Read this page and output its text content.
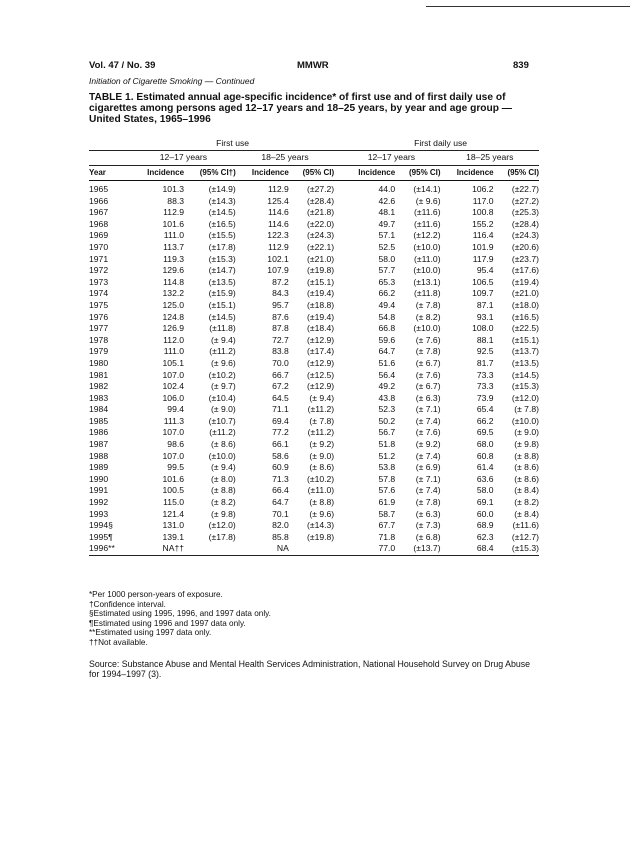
Vol. 47 / No. 39	MMWR	839
Initiation of Cigarette Smoking — Continued
TABLE 1. Estimated annual age-specific incidence* of first use and of first daily use of cigarettes among persons aged 12–17 years and 18–25 years, by year and age group — United States, 1965–1996
	First use					First daily use			
	12–17 years		18–25 years			12–17 years		18–25 years	
Year	Incidence	(95% CI†)	Incidence	(95% CI)		Incidence	(95% CI)	Incidence	(95% CI)
1965	101.3	(±14.9)	112.9	(±27.2)		44.0	(±14.1)	106.2	(±22.7)
1966	88.3	(±14.3)	125.4	(±28.4)		42.6	(± 9.6)	117.0	(±27.2)
1967	112.9	(±14.5)	114.6	(±21.8)		48.1	(±11.6)	100.8	(±25.3)
1968	101.6	(±16.5)	114.6	(±22.0)		49.7	(±11.6)	155.2	(±28.4)
1969	111.0	(±15.5)	122.3	(±24.3)		57.1	(±12.2)	116.4	(±24.3)
1970	113.7	(±17.8)	112.9	(±22.1)		52.5	(±10.0)	101.9	(±20.6)
1971	119.3	(±15.3)	102.1	(±21.0)		58.0	(±11.0)	117.9	(±23.7)
1972	129.6	(±14.7)	107.9	(±19.8)		57.7	(±10.0)	95.4	(±17.6)
1973	114.8	(±13.5)	87.2	(±15.1)		65.3	(±13.1)	106.5	(±19.4)
1974	132.2	(±15.9)	84.3	(±19.4)		66.2	(±11.8)	109.7	(±21.0)
1975	125.0	(±15.1)	95.7	(±18.8)		49.4	(± 7.8)	87.1	(±18.0)
1976	124.8	(±14.5)	87.6	(±19.4)		54.8	(± 8.2)	93.1	(±16.5)
1977	126.9	(±11.8)	87.8	(±18.4)		66.8	(±10.0)	108.0	(±22.5)
1978	112.0	(± 9.4)	72.7	(±12.9)		59.6	(± 7.6)	88.1	(±15.1)
1979	111.0	(±11.2)	83.8	(±17.4)		64.7	(± 7.8)	92.5	(±13.7)
1980	105.1	(± 9.6)	70.0	(±12.9)		51.6	(± 6.7)	81.7	(±13.5)
1981	107.0	(±10.2)	66.7	(±12.5)		56.4	(± 7.6)	73.3	(±14.5)
1982	102.4	(± 9.7)	67.2	(±12.9)		49.2	(± 6.7)	73.3	(±15.3)
1983	106.0	(±10.4)	64.5	(± 9.4)		43.8	(± 6.3)	73.9	(±12.0)
1984	99.4	(± 9.0)	71.1	(±11.2)		52.3	(± 7.1)	65.4	(± 7.8)
1985	111.3	(±10.7)	69.4	(± 7.8)		50.2	(± 7.4)	66.2	(±10.0)
1986	107.0	(±11.2)	77.2	(±11.2)		56.7	(± 7.6)	69.5	(± 9.0)
1987	98.6	(± 8.6)	66.1	(± 9.2)		51.8	(± 9.2)	68.0	(± 9.8)
1988	107.0	(±10.0)	58.6	(± 9.0)		51.2	(± 7.4)	60.8	(± 8.8)
1989	99.5	(± 9.4)	60.9	(± 8.6)		53.8	(± 6.9)	61.4	(± 8.6)
1990	101.6	(± 8.0)	71.3	(±10.2)		57.8	(± 7.1)	63.6	(± 8.6)
1991	100.5	(± 8.8)	66.4	(±11.0)		57.6	(± 7.4)	58.0	(± 8.4)
1992	115.0	(± 8.2)	64.7	(± 8.8)		61.9	(± 7.8)	69.1	(± 8.2)
1993	121.4	(± 9.8)	70.1	(± 9.6)		58.7	(± 6.3)	60.0	(± 8.4)
1994§	131.0	(±12.0)	82.0	(±14.3)		67.7	(± 7.3)	68.9	(±11.6)
1995¶	139.1	(±17.8)	85.8	(±19.8)		71.8	(± 6.8)	62.3	(±12.7)
1996**	NA††		NA			77.0	(±13.7)	68.4	(±15.3)
*Per 1000 person-years of exposure.
†Confidence interval.
§Estimated using 1995, 1996, and 1997 data only.
¶Estimated using 1996 and 1997 data only.
**Estimated using 1997 data only.
††Not available.
Source: Substance Abuse and Mental Health Services Administration, National Household Survey on Drug Abuse for 1994–1997 (3).
